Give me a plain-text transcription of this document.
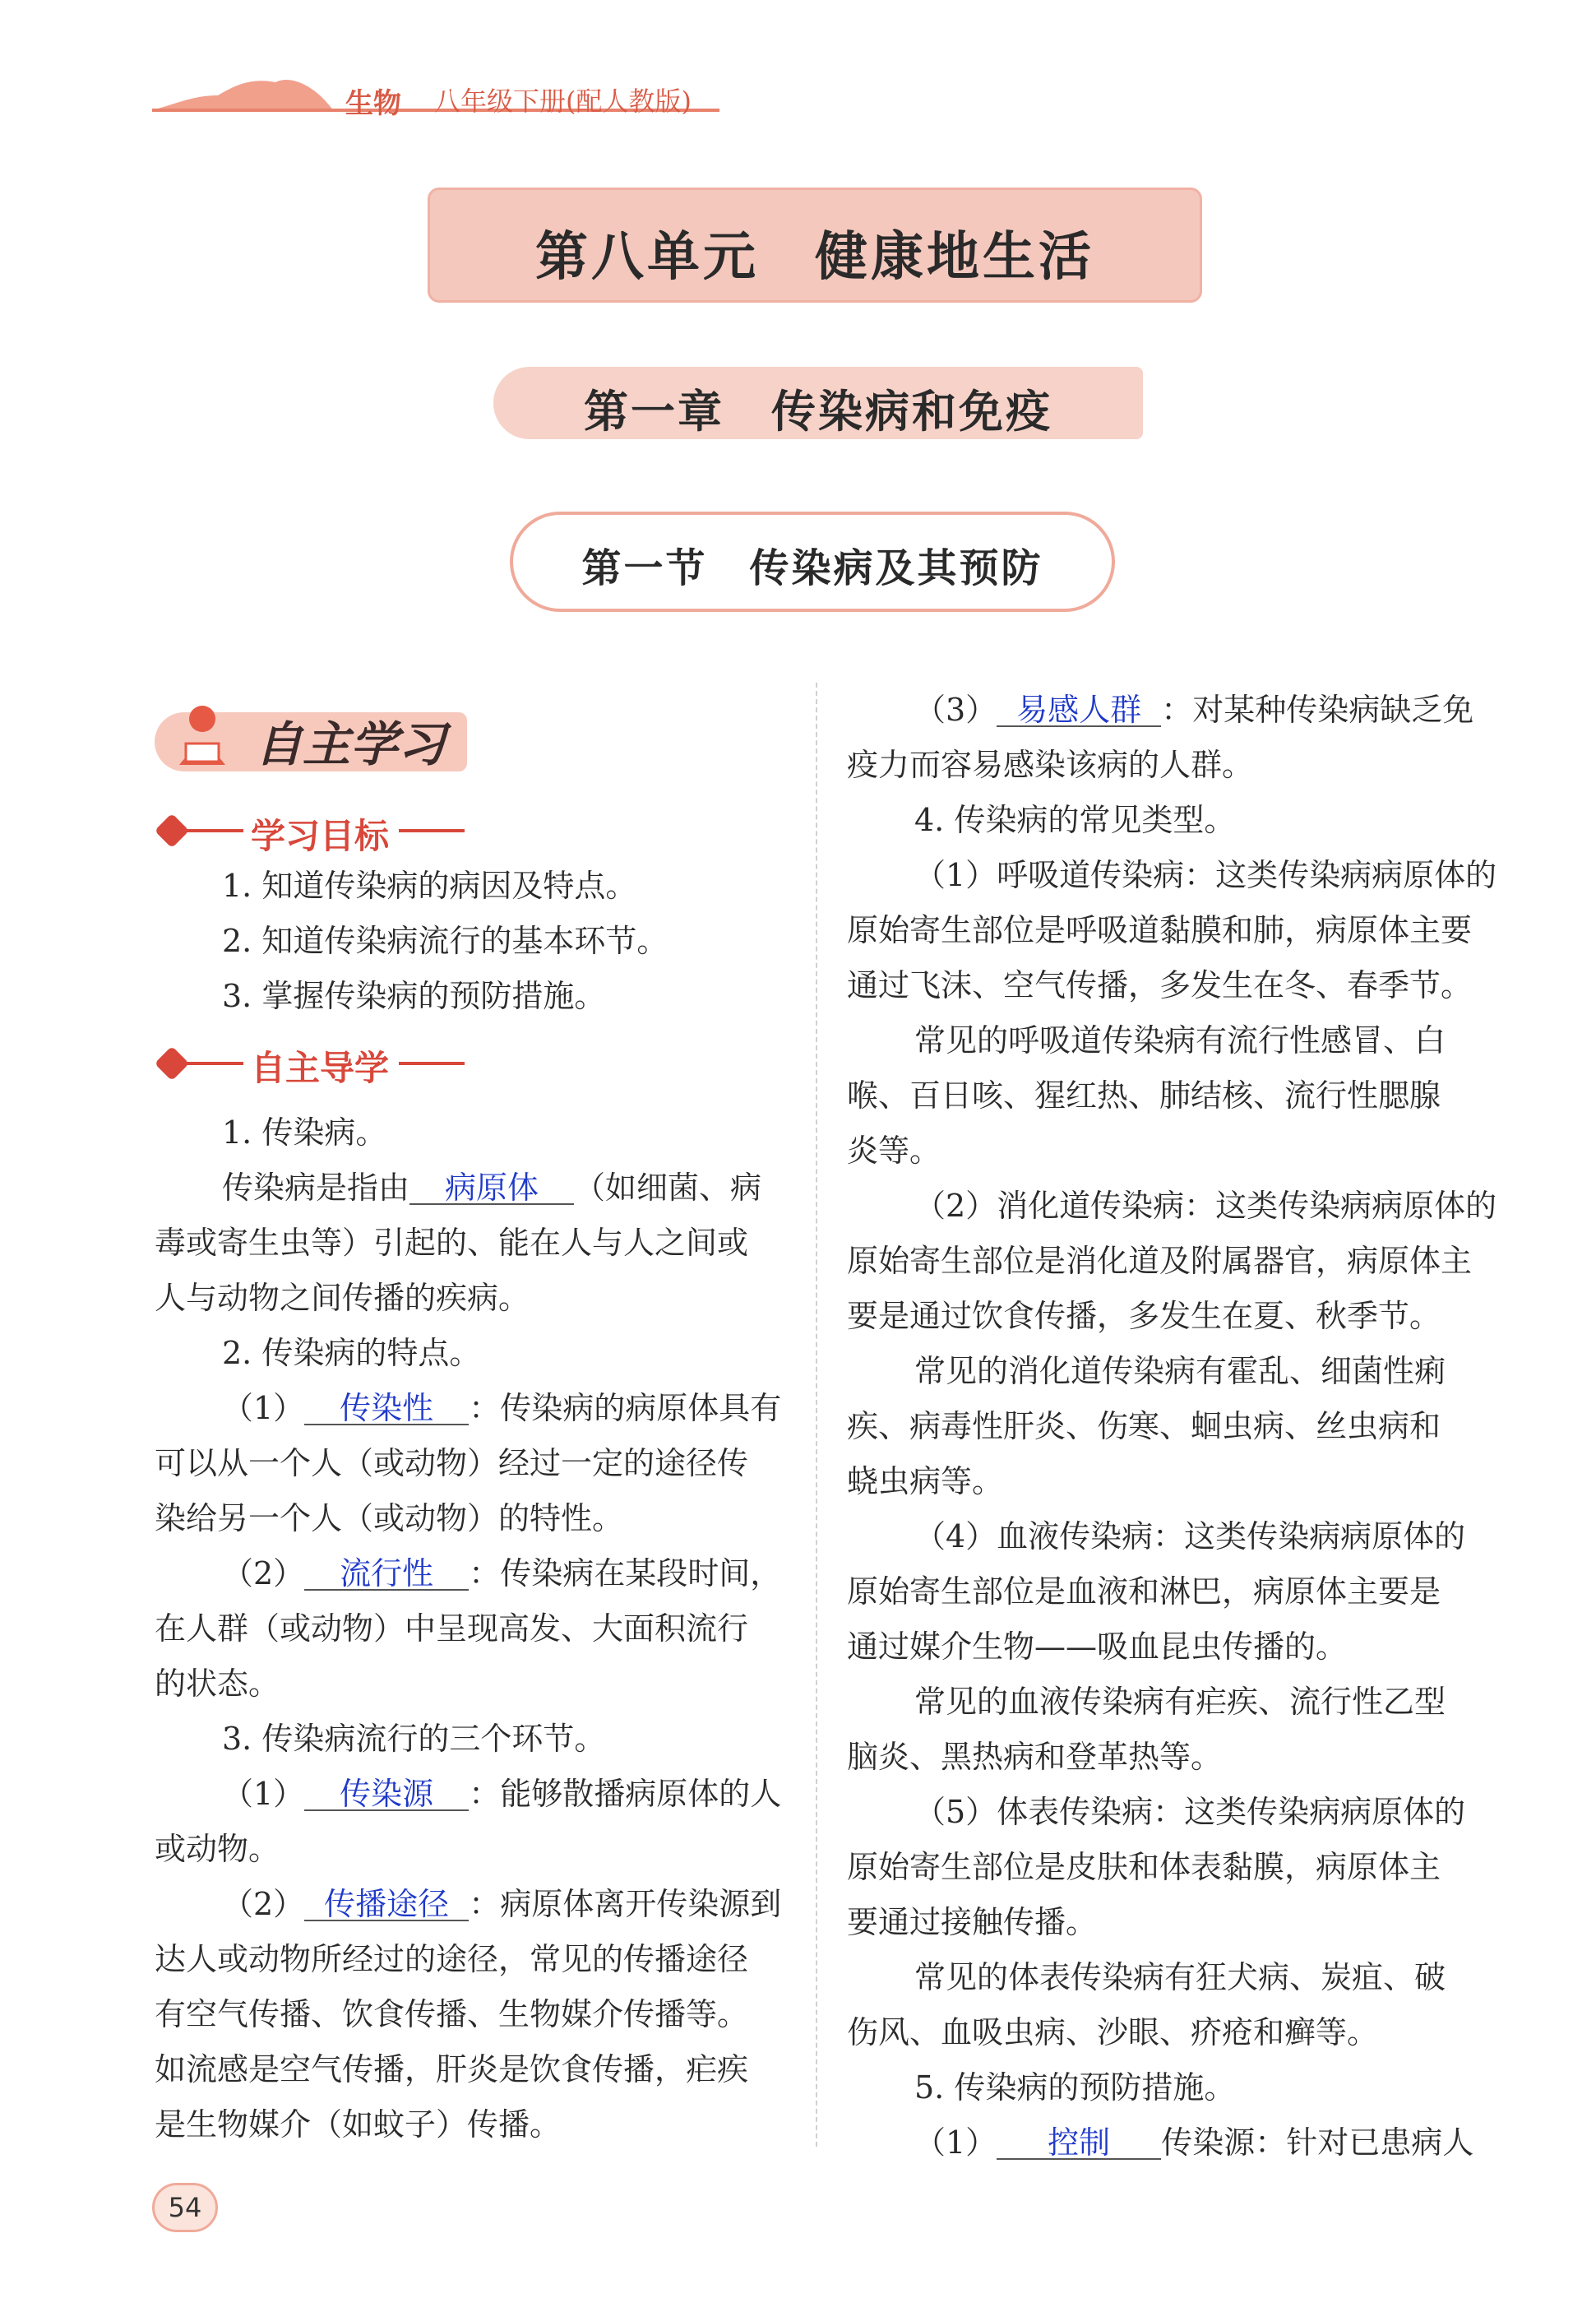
生物 八年级下册(配人教版)
第八单元　健康地生活
第一章　传染病和免疫
第一节　传染病及其预防
自主学习
学习目标
1. 知道传染病的病因及特点。
2. 知道传染病流行的基本环节。
3. 掌握传染病的预防措施。
自主导学
1. 传染病。
传染病是指由 病原体 （如细菌、病
毒或寄生虫等）引起的、能在人与人之间或
人与动物之间传播的疾病。
2. 传染病的特点。
（1） 传染性 ：传染病的病原体具有
可以从一个人（或动物）经过一定的途径传
染给另一个人（或动物）的特性。
（2） 流行性 ：传染病在某段时间，
在人群（或动物）中呈现高发、大面积流行
的状态。
3. 传染病流行的三个环节。
（1） 传染源 ：能够散播病原体的人
或动物。
（2） 传播途径 ：病原体离开传染源到
达人或动物所经过的途径，常见的传播途径
有空气传播、饮食传播、生物媒介传播等。
如流感是空气传播，肝炎是饮食传播，疟疾
是生物媒介（如蚊子）传播。
（3） 易感人群 ：对某种传染病缺乏免
疫力而容易感染该病的人群。
4. 传染病的常见类型。
（1）呼吸道传染病：这类传染病病原体的
原始寄生部位是呼吸道黏膜和肺，病原体主要
通过飞沫、空气传播，多发生在冬、春季节。
常见的呼吸道传染病有流行性感冒、白
喉、百日咳、猩红热、肺结核、流行性腮腺
炎等。
（2）消化道传染病：这类传染病病原体的
原始寄生部位是消化道及附属器官，病原体主
要是通过饮食传播，多发生在夏、秋季节。
常见的消化道传染病有霍乱、细菌性痢
疾、病毒性肝炎、伤寒、蛔虫病、丝虫病和
蛲虫病等。
（4）血液传染病：这类传染病病原体的
原始寄生部位是血液和淋巴，病原体主要是
通过媒介生物——吸血昆虫传播的。
常见的血液传染病有疟疾、流行性乙型
脑炎、黑热病和登革热等。
（5）体表传染病：这类传染病病原体的
原始寄生部位是皮肤和体表黏膜，病原体主
要通过接触传播。
常见的体表传染病有狂犬病、炭疽、破
伤风、血吸虫病、沙眼、疥疮和癣等。
5. 传染病的预防措施。
（1） 控制 传染源：针对已患病人
54
